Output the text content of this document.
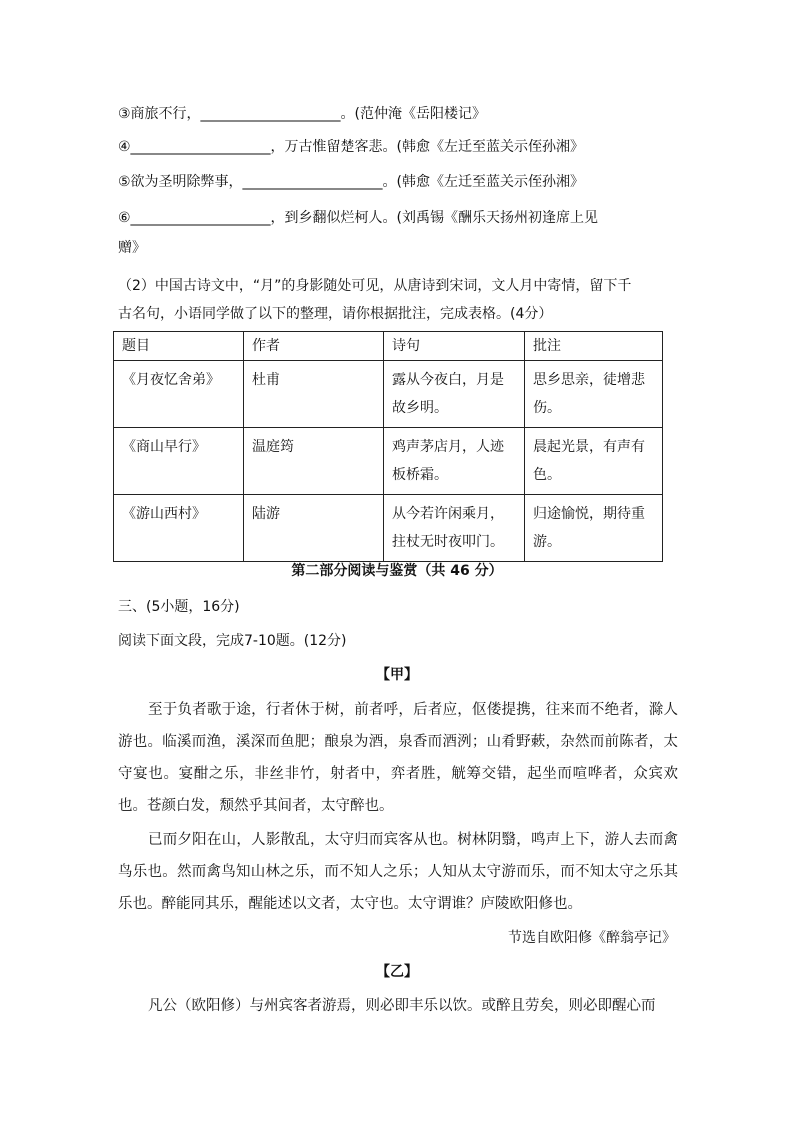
③商旅不行，____________________。(范仲淹《岳阳楼记》
④____________________，万古惟留楚客悲。(韩愈《左迁至蓝关示侄孙湘》
⑤欲为圣明除弊事，____________________。(韩愈《左迁至蓝关示侄孙湘》
⑥____________________，到乡翻似烂柯人。(刘禹锡《酬乐天扬州初逢席上见
赠》
（2）中国古诗文中，“月”的身影随处可见，从唐诗到宋词，文人月中寄情，留下千
古名句，小语同学做了以下的整理，请你根据批注，完成表格。(4分）
题目	作者	诗句	批注
《月夜忆舍弟》	杜甫	露从今夜白，月是故乡明。	思乡思亲，徒增悲伤。
《商山早行》	温庭筠	鸡声茅店月，人迹板桥霜。	晨起光景，有声有色。
《游山西村》	陆游	从今若许闲乘月，拄杖无时夜叩门。	归途愉悦，期待重游。
第二部分阅读与鉴赏（共 46 分）
三、(5小题，16分)
阅读下面文段，完成7-10题。(12分)
【甲】
至于负者歌于途，行者休于树，前者呼，后者应，伛偻提携，往来而不绝者，滁人游也。临溪而渔，溪深而鱼肥；酿泉为酒，泉香而酒洌；山肴野蔌，杂然而前陈者，太守宴也。宴酣之乐，非丝非竹，射者中，弈者胜，觥筹交错，起坐而喧哗者，众宾欢也。苍颜白发，颓然乎其间者，太守醉也。
已而夕阳在山，人影散乱，太守归而宾客从也。树林阴翳，鸣声上下，游人去而禽鸟乐也。然而禽鸟知山林之乐，而不知人之乐；人知从太守游而乐，而不知太守之乐其乐也。醉能同其乐，醒能述以文者，太守也。太守谓谁？庐陵欧阳修也。
节选自欧阳修《醉翁亭记》
【乙】
凡公（欧阳修）与州宾客者游焉，则必即丰乐以饮。或醉且劳矣，则必即醒心而
